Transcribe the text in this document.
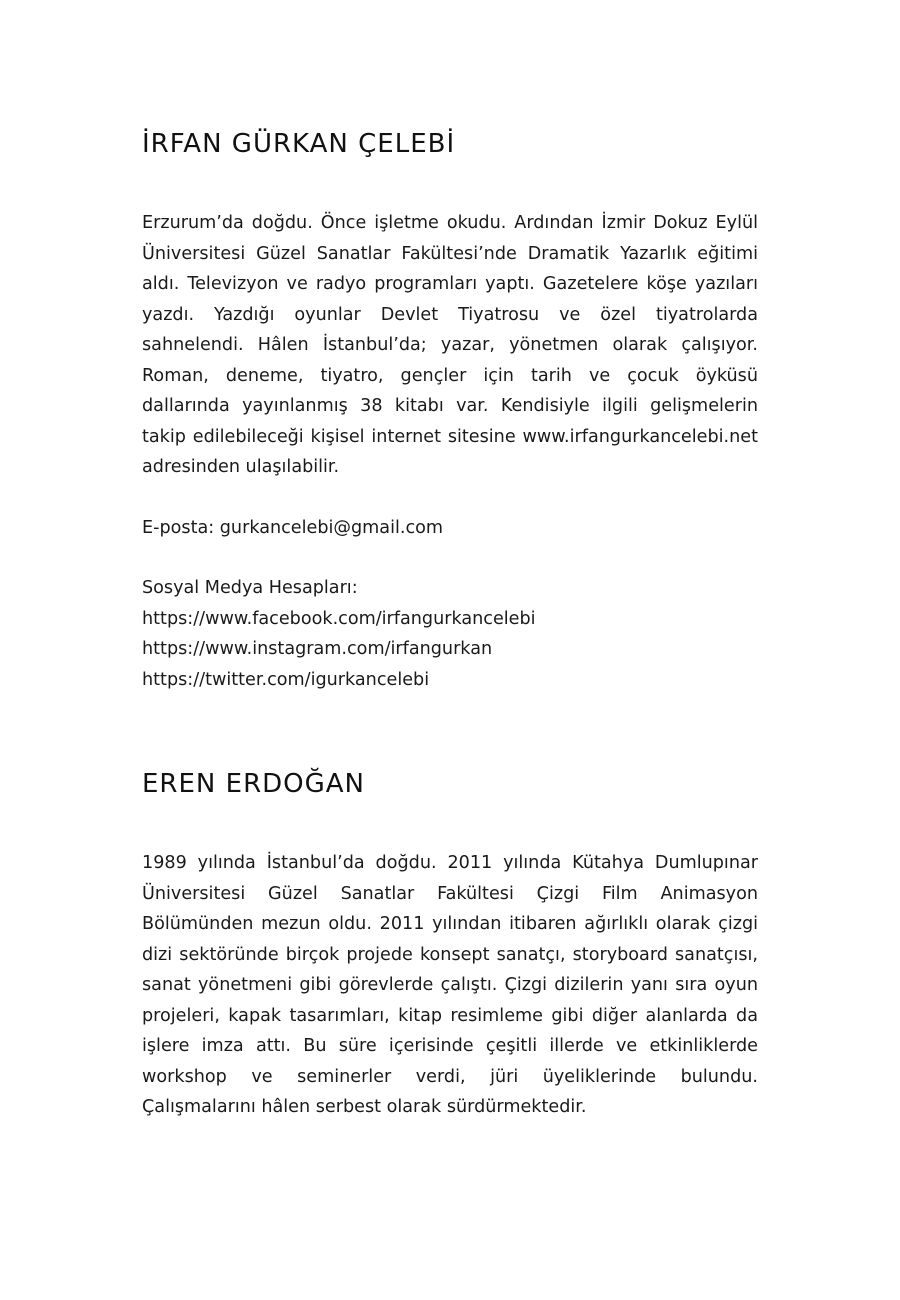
İRFAN GÜRKAN ÇELEBİ

Erzurum’da doğdu. Önce işletme okudu. Ardından İzmir Dokuz Eylül Üniversitesi Güzel Sanatlar Fakültesi’nde Dramatik Yazarlık eğitimi aldı. Televizyon ve radyo programları yaptı. Gazetelere köşe yazıları yazdı. Yazdığı oyunlar Devlet Tiyatrosu ve özel tiyatrolarda sahnelendi. Hâlen İstanbul’da; yazar, yönetmen olarak çalışıyor. Roman, deneme, tiyatro, gençler için tarih ve çocuk öyküsü dallarında yayınlanmış 38 kitabı var. Kendisiyle ilgili gelişmelerin takip edilebileceği kişisel internet sitesine www.irfangurkancelebi.net adresinden ulaşılabilir.

E-posta: gurkancelebi@gmail.com
Sosyal Medya Hesapları:
https://www.facebook.com/irfangurkancelebi
https://www.instagram.com/irfangurkan
https://twitter.com/igurkancelebi
EREN ERDOĞAN

1989 yılında İstanbul’da doğdu. 2011 yılında Kütahya Dumlupınar Üniversitesi Güzel Sanatlar Fakültesi Çizgi Film Animasyon Bölümünden mezun oldu. 2011 yılından itibaren ağırlıklı olarak çizgi dizi sektöründe birçok projede konsept sanatçı, storyboard sanatçısı, sanat yönetmeni gibi görevlerde çalıştı. Çizgi dizilerin yanı sıra oyun projeleri, kapak tasarımları, kitap resimleme gibi diğer alanlarda da işlere imza attı. Bu süre içerisinde çeşitli illerde ve etkinliklerde workshop ve seminerler verdi, jüri üyeliklerinde bulundu. Çalışmalarını hâlen serbest olarak sürdürmektedir.
